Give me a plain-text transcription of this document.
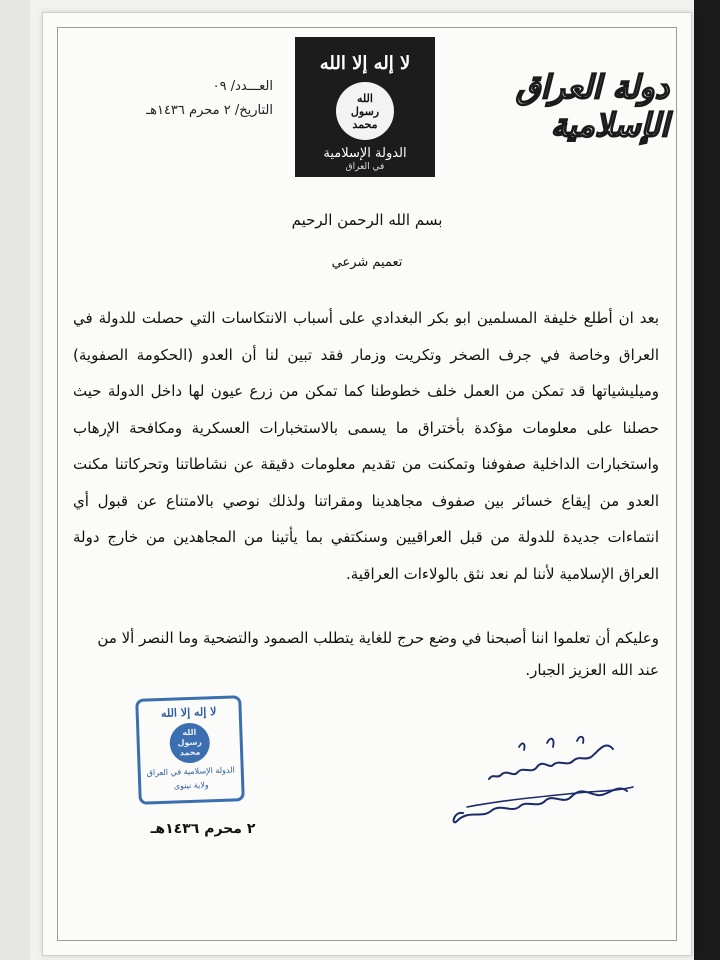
العـــدد/ ٠٩
التاريخ/ ٢ محرم ١٤٣٦هـ
لا إله إلا الله
الله
رسول
محمد
الدولة الإسلامية
في العراق
دولة العراق الإسلامية
بسم الله الرحمن الرحيم
تعميم شرعي
بعد ان أطلع خليفة المسلمين ابو بكر البغدادي على أسباب الانتكاسات التي حصلت للدولة في العراق وخاصة في جرف الصخر وتكريت وزمار فقد تبين لنا أن العدو (الحكومة الصفوية) وميليشياتها قد تمكن من العمل خلف خطوطنا كما تمكن من زرع عيون لها داخل الدولة حيث حصلنا على معلومات مؤكدة بأختراق ما يسمى بالاستخبارات العسكرية ومكافحة الإرهاب واستخبارات الداخلية صفوفنا وتمكنت من تقديم معلومات دقيقة عن نشاطاتنا وتحركاتنا مكنت العدو من إيقاع خسائر بين صفوف مجاهدينا ومقراتنا ولذلك نوصي بالامتناع عن قبول أي انتماءات جديدة للدولة من قبل العراقيين وسنكتفي بما يأتينا من المجاهدين من خارج دولة العراق الإسلامية لأننا لم نعد نثق بالولاءات العراقية.
وعليكم أن تعلموا اننا أصبحنا في وضع حرج للغاية يتطلب الصمود والتضحية وما النصر ألا من عند الله العزيز الجبار.
لا إله إلا الله
الله
رسول
محمد
الدولة الإسلامية في العراق
ولاية نينوى
٢ محرم ١٤٣٦هـ
